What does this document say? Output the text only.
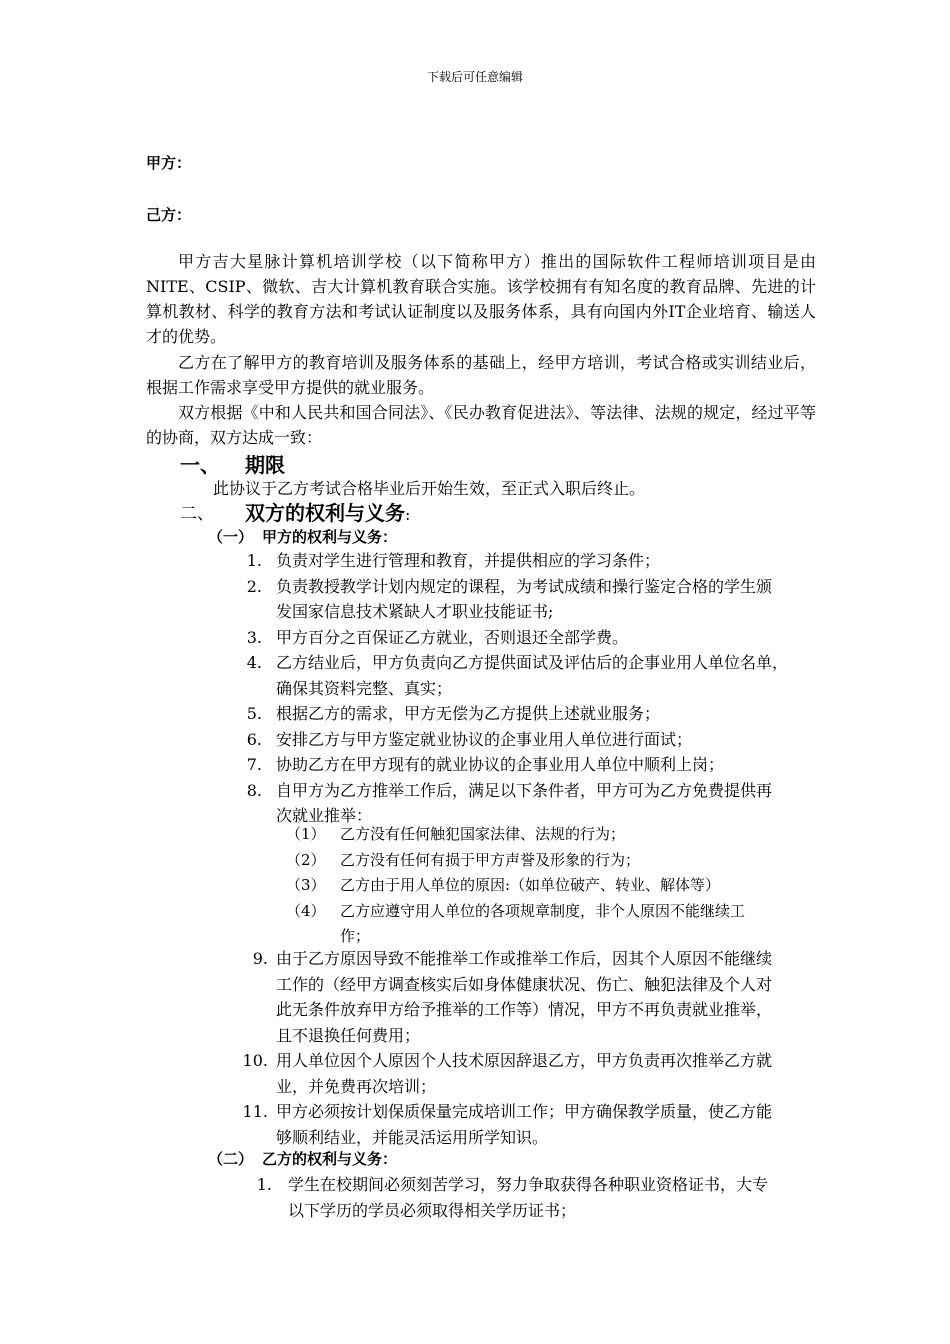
下载后可任意编辑
甲方：
己方：

甲方吉大星脉计算机培训学校（以下简称甲方）推出的国际软件工程师培训项目是由NITE、CSIP、微软、吉大计算机教育联合实施。该学校拥有有知名度的教育品牌、先进的计算机教材、科学的教育方法和考试认证制度以及服务体系，具有向国内外IT企业培育、输送人才的优势。

乙方在了解甲方的教育培训及服务体系的基础上，经甲方培训，考试合格或实训结业后，根据工作需求享受甲方提供的就业服务。

双方根据《中和人民共和国合同法》、《民办教育促进法》、等法律、法规的规定，经过平等的协商，双方达成一致：

一、 期限
此协议于乙方考试合格毕业后开始生效，至正式入职后终止。
二、 双方的权利与义务:
（一） 甲方的权利与义务：
1. 负责对学生进行管理和教育，并提供相应的学习条件；
2. 负责教授教学计划内规定的课程，为考试成绩和操行鉴定合格的学生颁
发国家信息技术紧缺人才职业技能证书;
3. 甲方百分之百保证乙方就业，否则退还全部学费。
4. 乙方结业后，甲方负责向乙方提供面试及评估后的企事业用人单位名单，
确保其资料完整、真实；
5. 根据乙方的需求，甲方无偿为乙方提供上述就业服务；
6. 安排乙方与甲方鉴定就业协议的企事业用人单位进行面试；
7. 协助乙方在甲方现有的就业协议的企事业用人单位中顺利上岗；
8. 自甲方为乙方推举工作后，满足以下条件者，甲方可为乙方免费提供再
次就业推举：
（1） 乙方没有任何触犯国家法律、法规的行为；
（2） 乙方没有任何有损于甲方声誉及形象的行为；
（3） 乙方由于用人单位的原因:（如单位破产、转业、解体等）
（4） 乙方应遵守用人单位的各项规章制度，非个人原因不能继续工
作；
9. 由于乙方原因导致不能推举工作或推举工作后，因其个人原因不能继续
工作的（经甲方调查核实后如身体健康状况、伤亡、触犯法律及个人对
此无条件放弃甲方给予推举的工作等）情况，甲方不再负责就业推举，
且不退换任何费用；
10. 用人单位因个人原因个人技术原因辞退乙方，甲方负责再次推举乙方就
业，并免费再次培训；
11. 甲方必须按计划保质保量完成培训工作；甲方确保教学质量，使乙方能
够顺利结业，并能灵活运用所学知识。
（二） 乙方的权利与义务：
1. 学生在校期间必须刻苦学习，努力争取获得各种职业资格证书，大专
以下学历的学员必须取得相关学历证书；
